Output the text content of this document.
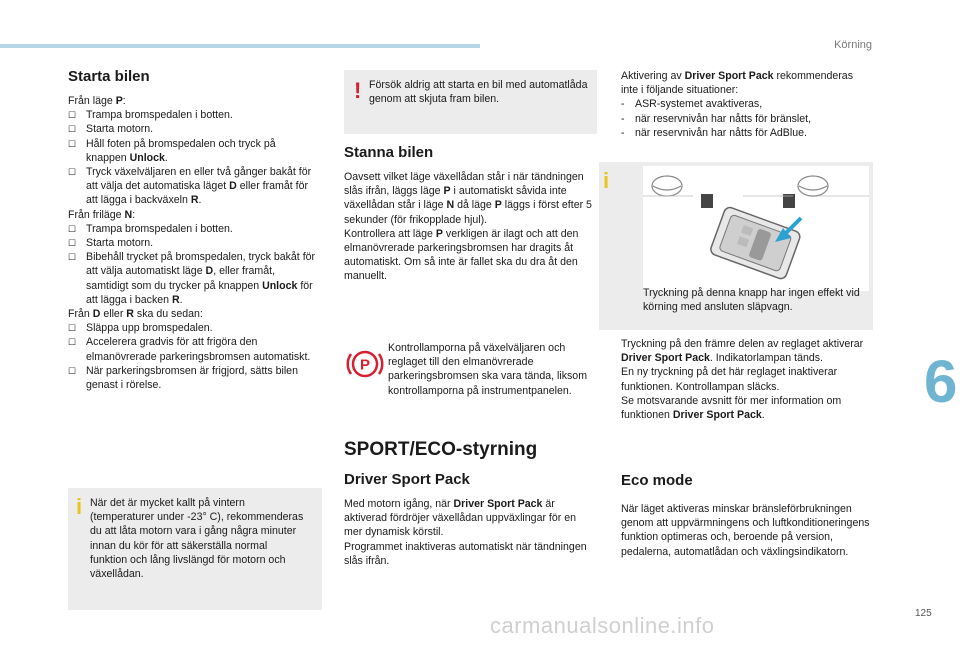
Körning
Starta bilen

Från läge P:

☐ Trampa bromspedalen i botten.

☐ Starta motorn.

☐ Håll foten på bromspedalen och tryck på knappen Unlock.

☐ Tryck växelväljaren en eller två gånger bakåt för att välja det automatiska läget D eller framåt för att lägga i backväxeln R.

Från friläge N:

☐ Trampa bromspedalen i botten.

☐ Starta motorn.

☐ Bibehåll trycket på bromspedalen, tryck bakåt för att välja automatiskt läge D, eller framåt, samtidigt som du trycker på knappen Unlock för att lägga i backen R.

Från D eller R ska du sedan:

☐ Släppa upp bromspedalen.

☐ Accelerera gradvis för att frigöra den elmanövrerade parkeringsbromsen automatiskt.

☐ När parkeringsbromsen är frigjord, sätts bilen genast i rörelse.

i När det är mycket kallt på vintern (temperaturer under -23° C), rekommenderas du att låta motorn vara i gång några minuter innan du kör för att säkerställa normal funktion och lång livslängd för motorn och växellådan.
! Försök aldrig att starta en bil med automatlåda genom att skjuta fram bilen.
Stanna bilen

Oavsett vilket läge växellådan står i när tändningen slås ifrån, läggs läge P i automatiskt såvida inte växellådan står i läge N då läge P läggs i först efter 5 sekunder (för frikopplade hjul).

Kontrollera att läge P verkligen är ilagt och att den elmanövrerade parkeringsbromsen har dragits åt automatiskt. Om så inte är fallet ska du dra åt den manuellt.

P
Kontrollamporna på växelväljaren och reglaget till den elmanövrerade parkeringsbromsen ska vara tända, liksom kontrollamporna på instrumentpanelen.
SPORT/ECO-styrning
Driver Sport Pack

Med motorn igång, när Driver Sport Pack är aktiverad fördröjer växellådan uppväxlingar för en mer dynamisk körstil.

Programmet inaktiveras automatiskt när tändningen slås ifrån.

Aktivering av Driver Sport Pack rekommenderas inte i följande situationer:

- ASR-systemet avaktiveras,

- när reservnivån har nåtts för bränslet,

- när reservnivån har nåtts för AdBlue.

i
Tryckning på denna knapp har ingen effekt vid körning med ansluten släpvagn.

Tryckning på den främre delen av reglaget aktiverar Driver Sport Pack. Indikatorlampan tänds.

En ny tryckning på det här reglaget inaktiverar funktionen. Kontrollampan släcks.

Se motsvarande avsnitt för mer information om funktionen Driver Sport Pack.

Eco mode
När läget aktiveras minskar bränsleförbrukningen genom att uppvärmningens och luftkonditioneringens funktion optimeras och, beroende på version, pedalerna, automatlådan och växlingsindikatorn.
6
125
carmanualsonline.info
